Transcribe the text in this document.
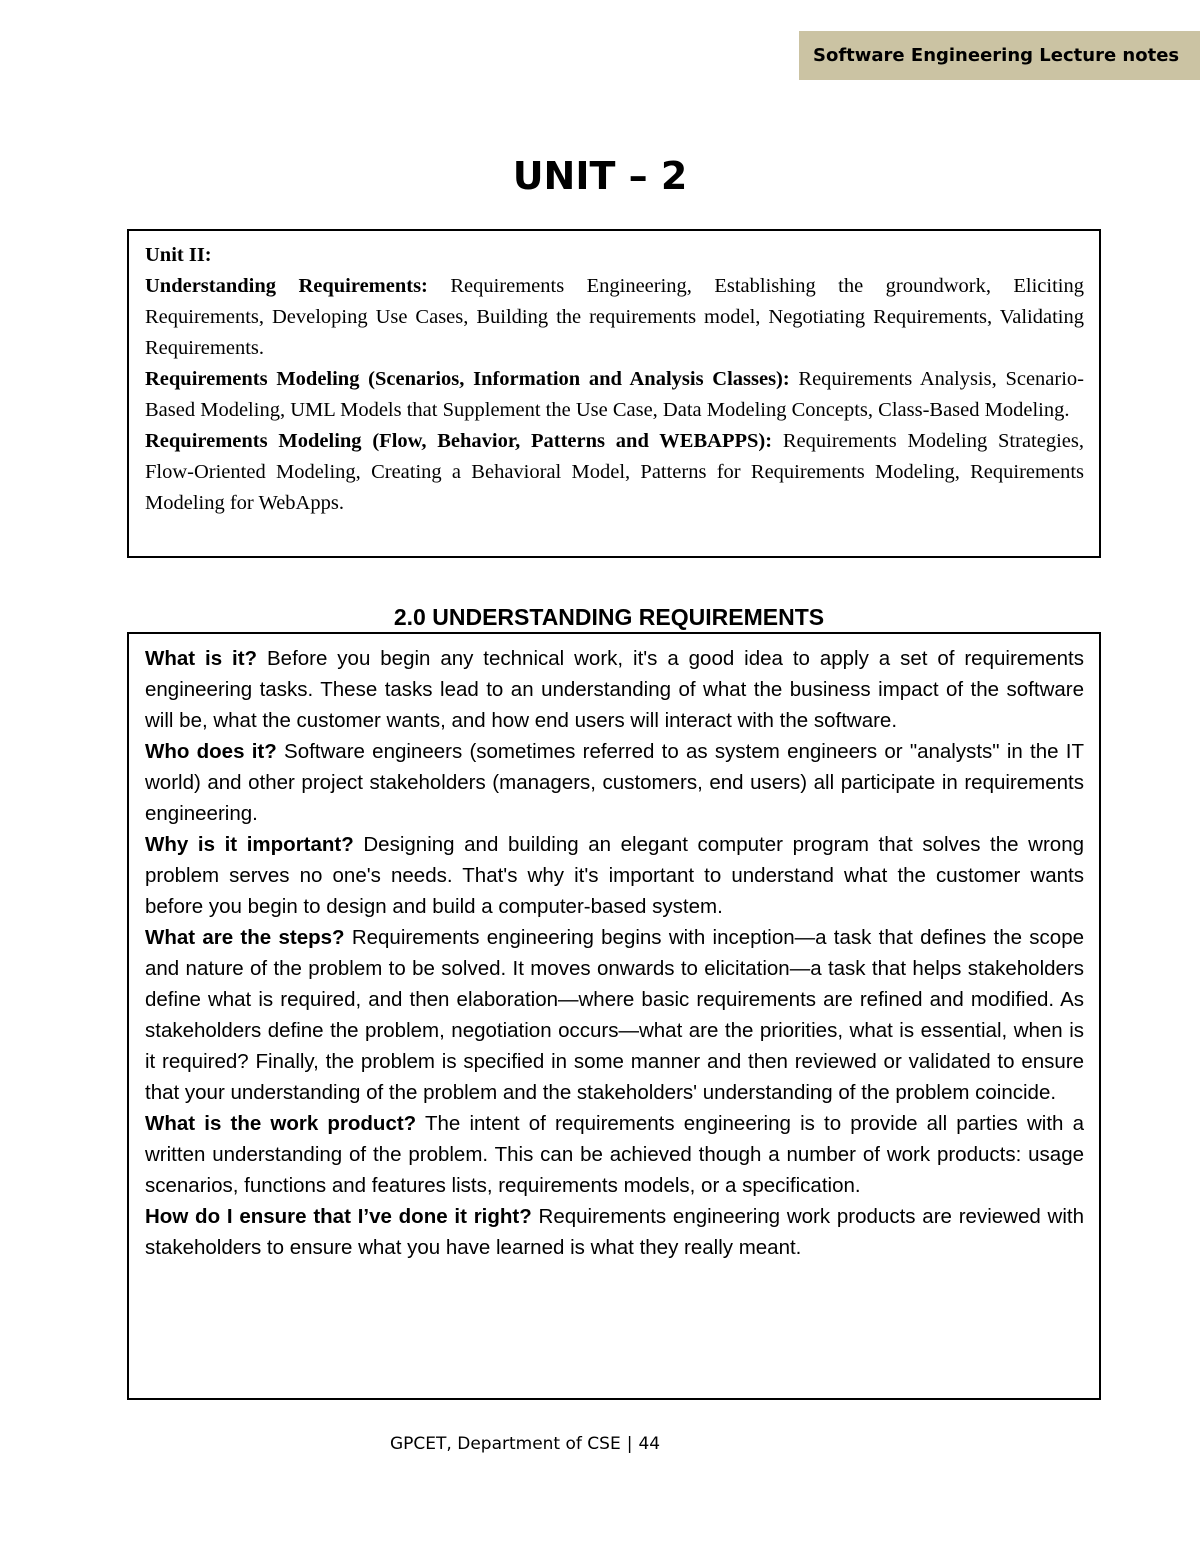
Software Engineering Lecture notes
UNIT – 2

Unit II:

Understanding Requirements: Requirements Engineering, Establishing the groundwork, Eliciting Requirements, Developing Use Cases, Building the requirements model, Negotiating Requirements, Validating Requirements.

Requirements Modeling (Scenarios, Information and Analysis Classes): Requirements Analysis, Scenario-Based Modeling, UML Models that Supplement the Use Case, Data Modeling Concepts, Class-Based Modeling.

Requirements Modeling (Flow, Behavior, Patterns and WEBAPPS): Requirements Modeling Strategies, Flow-Oriented Modeling, Creating a Behavioral Model, Patterns for Requirements Modeling, Requirements Modeling for WebApps.

2.0 UNDERSTANDING REQUIREMENTS

What is it? Before you begin any technical work, it's a good idea to apply a set of requirements engineering tasks. These tasks lead to an understanding of what the business impact of the software will be, what the customer wants, and how end users will interact with the software.

Who does it? Software engineers (sometimes referred to as system engineers or "analysts" in the IT world) and other project stakeholders (managers, customers, end users) all participate in requirements engineering.

Why is it important? Designing and building an elegant computer program that solves the wrong problem serves no one's needs. That's why it's important to understand what the customer wants before you begin to design and build a computer-based system.

What are the steps? Requirements engineering begins with inception—a task that defines the scope and nature of the problem to be solved. It moves onwards to elicitation—a task that helps stakeholders define what is required, and then elaboration—where basic requirements are refined and modified. As stakeholders define the problem, negotiation occurs—what are the priorities, what is essential, when is it required? Finally, the problem is specified in some manner and then reviewed or validated to ensure that your understanding of the problem and the stakeholders' understanding of the problem coincide.

What is the work product? The intent of requirements engineering is to provide all parties with a written understanding of the problem. This can be achieved though a number of work products: usage scenarios, functions and features lists, requirements models, or a specification.

How do I ensure that I’ve done it right? Requirements engineering work products are reviewed with stakeholders to ensure what you have learned is what they really meant.

GPCET, Department of CSE | 44
